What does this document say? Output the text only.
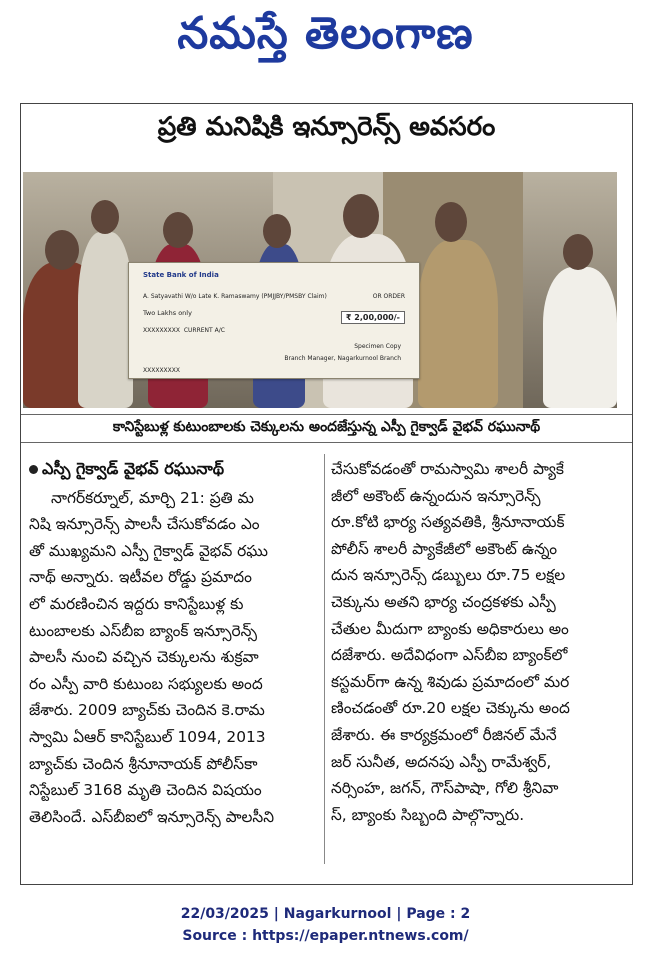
నమస్తే తెలంగాణ
ప్రతి మనిషికి ఇన్సూరెన్స్ అవసరం
State Bank of India
A. Satyavathi W/o Late K. Ramaswamy (PMJJBY/PMSBY Claim)
Two Lakhs only	₹ 2,00,000/-
XXXXXXXXX CURRENT A/C
Specimen Copy
Branch Manager, Nagarkurnool Branch
OR ORDER
XXXXXXXXX
కానిస్టేబుళ్ల కుటుంబాలకు చెక్కులను అందజేస్తున్న ఎస్పీ గైక్వాడ్ వైభవ్ రఘునాథ్
ఎస్పీ గైక్వాడ్ వైభవ్ రఘునాథ్
నాగర్‌కర్నూల్, మార్చి 21: ప్రతి మ
నిషి ఇన్సూరెన్స్ పాలసీ చేసుకోవడం ఎం
తో ముఖ్యమని ఎస్పీ గైక్వాడ్ వైభవ్ రఘు
నాథ్ అన్నారు. ఇటీవల రోడ్డు ప్రమాదం
లో మరణించిన ఇద్దరు కానిస్టేబుళ్ల కు
టుంబాలకు ఎస్‌బీఐ బ్యాంక్ ఇన్సూరెన్స్
పాలసీ నుంచి వచ్చిన చెక్కులను శుక్రవా
రం ఎస్పీ వారి కుటుంబ సభ్యులకు అంద
జేశారు. 2009 బ్యాచ్‌కు చెందిన కె.రామ
స్వామి ఏఆర్ కానిస్టేబుల్ 1094, 2013
బ్యాచ్‌కు చెందిన శ్రీనూనాయక్ పోలీస్‌కా
నిస్టేబుల్ 3168 మృతి చెందిన విషయం
తెలిసిందే. ఎస్‌బీఐలో ఇన్సూరెన్స్ పాలసీని
చేసుకోవడంతో రామస్వామి శాలరీ ప్యాకే
జీలో అకౌంట్ ఉన్నందున ఇన్సూరెన్స్
రూ.కోటి భార్య సత్యవతికి, శ్రీనూనాయక్
పోలీస్ శాలరీ ప్యాకేజీలో అకౌంట్ ఉన్నం
దున ఇన్సూరెన్స్ డబ్బులు రూ.75 లక్షల
చెక్కును అతని భార్య చంద్రకళకు ఎస్పీ
చేతుల మీదుగా బ్యాంకు అధికారులు అం
దజేశారు. అదేవిధంగా ఎస్‌బీఐ బ్యాంక్‌లో
కస్టమర్‌గా ఉన్న శివుడు ప్రమాదంలో మర
ణించడంతో రూ.20 లక్షల చెక్కును అంద
జేశారు. ఈ కార్యక్రమంలో రీజినల్ మేనే
జర్ సునీత, అదనపు ఎస్పీ రామేశ్వర్,
నర్సింహ, జగన్, గౌస్‌పాషా, గోలి శ్రీనివా
స్, బ్యాంకు సిబ్బంది పాల్గొన్నారు.
22/03/2025 | Nagarkurnool | Page : 2
Source : https://epaper.ntnews.com/
